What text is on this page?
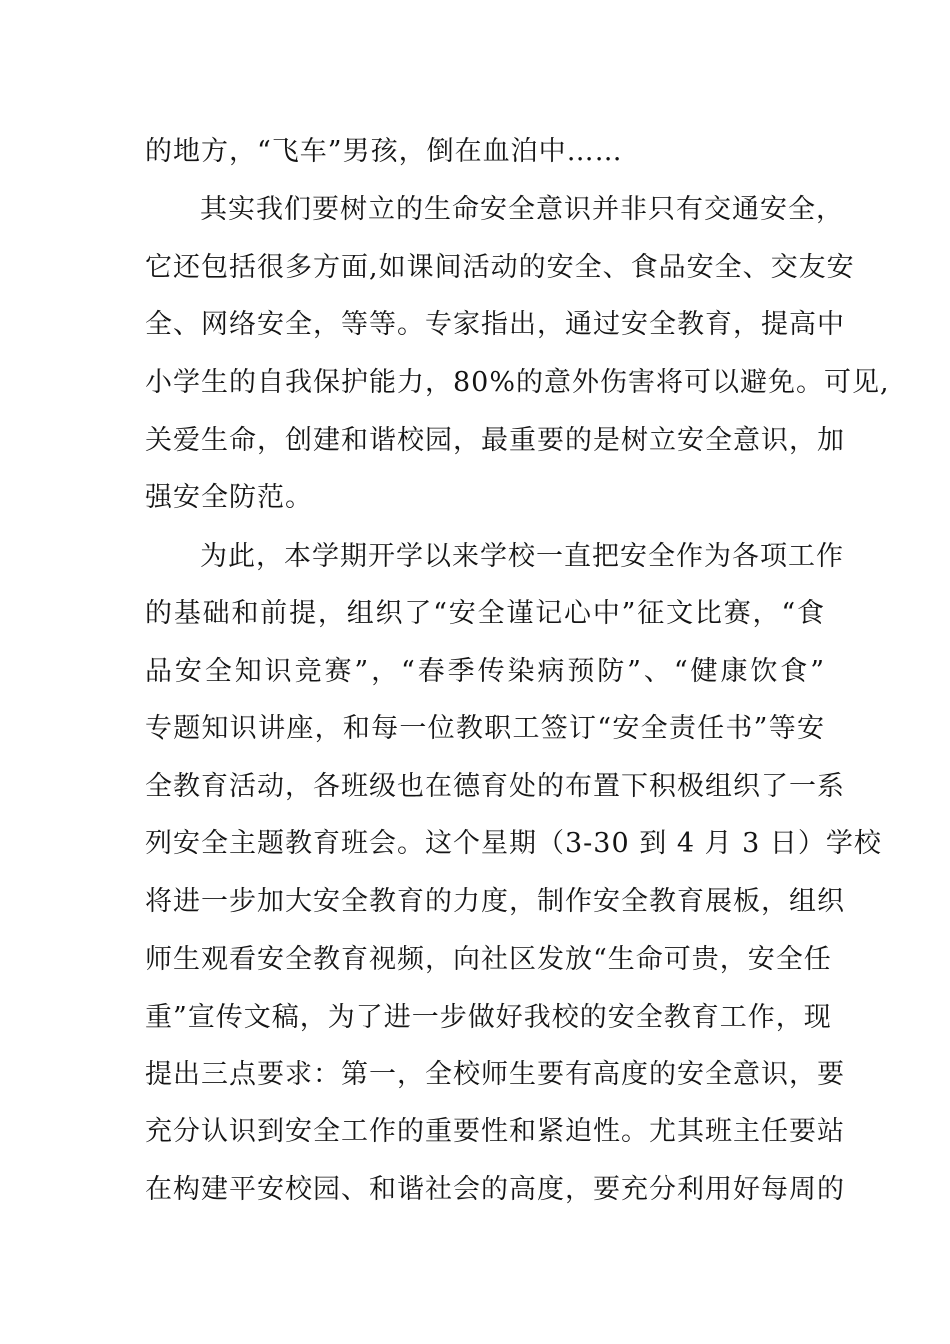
的地方，“飞车”男孩，倒在血泊中……
其实我们要树立的生命安全意识并非只有交通安全，
它还包括很多方面,如课间活动的安全、食品安全、交友安
全、网络安全，等等。专家指出，通过安全教育，提高中
小学生的自我保护能力，80%的意外伤害将可以避免。可见,
关爱生命，创建和谐校园，最重要的是树立安全意识，加
强安全防范。
为此，本学期开学以来学校一直把安全作为各项工作
的基础和前提，组织了“安全谨记心中”征文比赛，“食
品安全知识竞赛”，“春季传染病预防”、“健康饮食”
专题知识讲座，和每一位教职工签订“安全责任书”等安
全教育活动，各班级也在德育处的布置下积极组织了一系
列安全主题教育班会。这个星期（3-30 到 4 月 3 日）学校
将进一步加大安全教育的力度，制作安全教育展板，组织
师生观看安全教育视频，向社区发放“生命可贵，安全任
重”宣传文稿，为了进一步做好我校的安全教育工作，现
提出三点要求：第一，全校师生要有高度的安全意识，要
充分认识到安全工作的重要性和紧迫性。尤其班主任要站
在构建平安校园、和谐社会的高度，要充分利用好每周的
